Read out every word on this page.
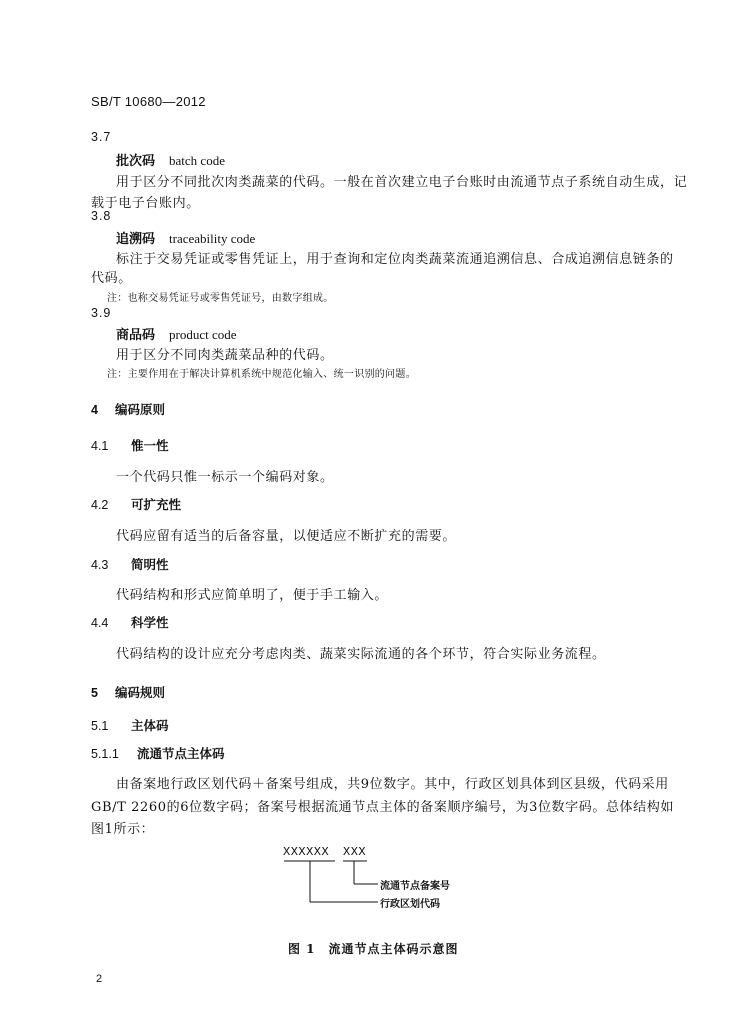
SB/T 10680—2012
3.7
批次码 batch code
用于区分不同批次肉类蔬菜的代码。一般在首次建立电子台账时由流通节点子系统自动生成，记
载于电子台账内。
3.8
追溯码 traceability code
标注于交易凭证或零售凭证上，用于查询和定位肉类蔬菜流通追溯信息、合成追溯信息链条的
代码。
注：也称交易凭证号或零售凭证号，由数字组成。
3.9
商品码 product code
用于区分不同肉类蔬菜品种的代码。
注：主要作用在于解决计算机系统中规范化输入、统一识别的问题。
4 编码原则
4.1 惟一性
一个代码只惟一标示一个编码对象。
4.2 可扩充性
代码应留有适当的后备容量，以便适应不断扩充的需要。
4.3 简明性
代码结构和形式应简单明了，便于手工输入。
4.4 科学性
代码结构的设计应充分考虑肉类、蔬菜实际流通的各个环节，符合实际业务流程。
5 编码规则
5.1 主体码
5.1.1 流通节点主体码
由备案地行政区划代码＋备案号组成，共9位数字。其中，行政区划具体到区县级，代码采用
GB/T 2260的6位数字码；备案号根据流通节点主体的备案顺序编号，为3位数字码。总体结构如
图1所示：
XXXXXX XXX
流通节点备案号
行政区划代码
图 1　流通节点主体码示意图
2
